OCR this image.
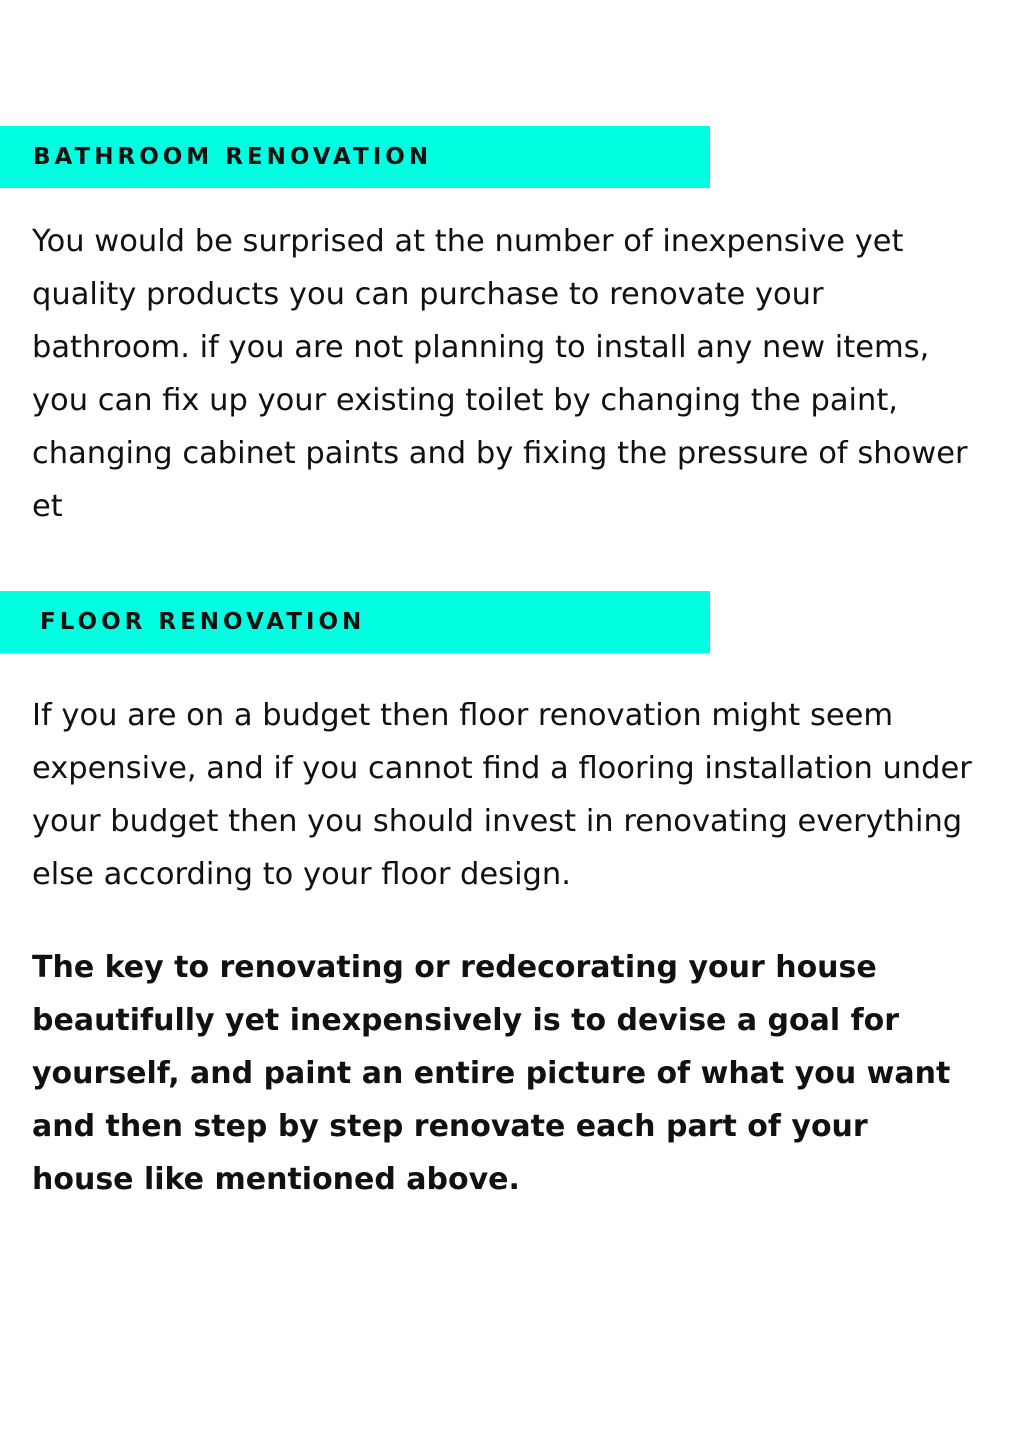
BATHROOM RENOVATION

You would be surprised at the number of inexpensive yet quality products you can purchase to renovate your bathroom. if you are not planning to install any new items, you can fix up your existing toilet by changing the paint, changing cabinet paints and by fixing the pressure of shower et

FLOOR RENOVATION

If you are on a budget then floor renovation might seem expensive, and if you cannot find a flooring installation under your budget then you should invest in renovating everything else according to your floor design.

The key to renovating or redecorating your house beautifully yet inexpensively is to devise a goal for yourself, and paint an entire picture of what you want and then step by step renovate each part of your house like mentioned above.
